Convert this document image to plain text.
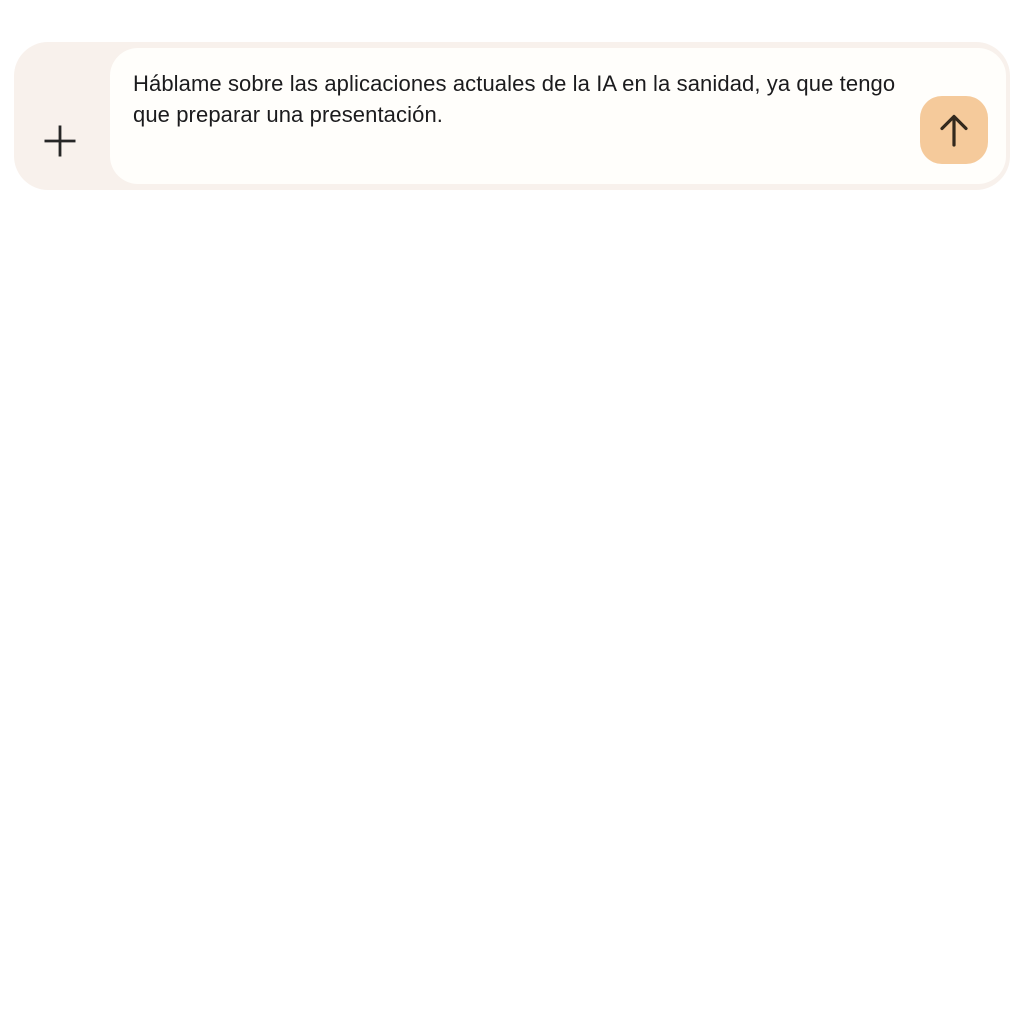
Háblame sobre las aplicaciones actuales de la IA en la sanidad, ya que tengo
que preparar una presentación.
